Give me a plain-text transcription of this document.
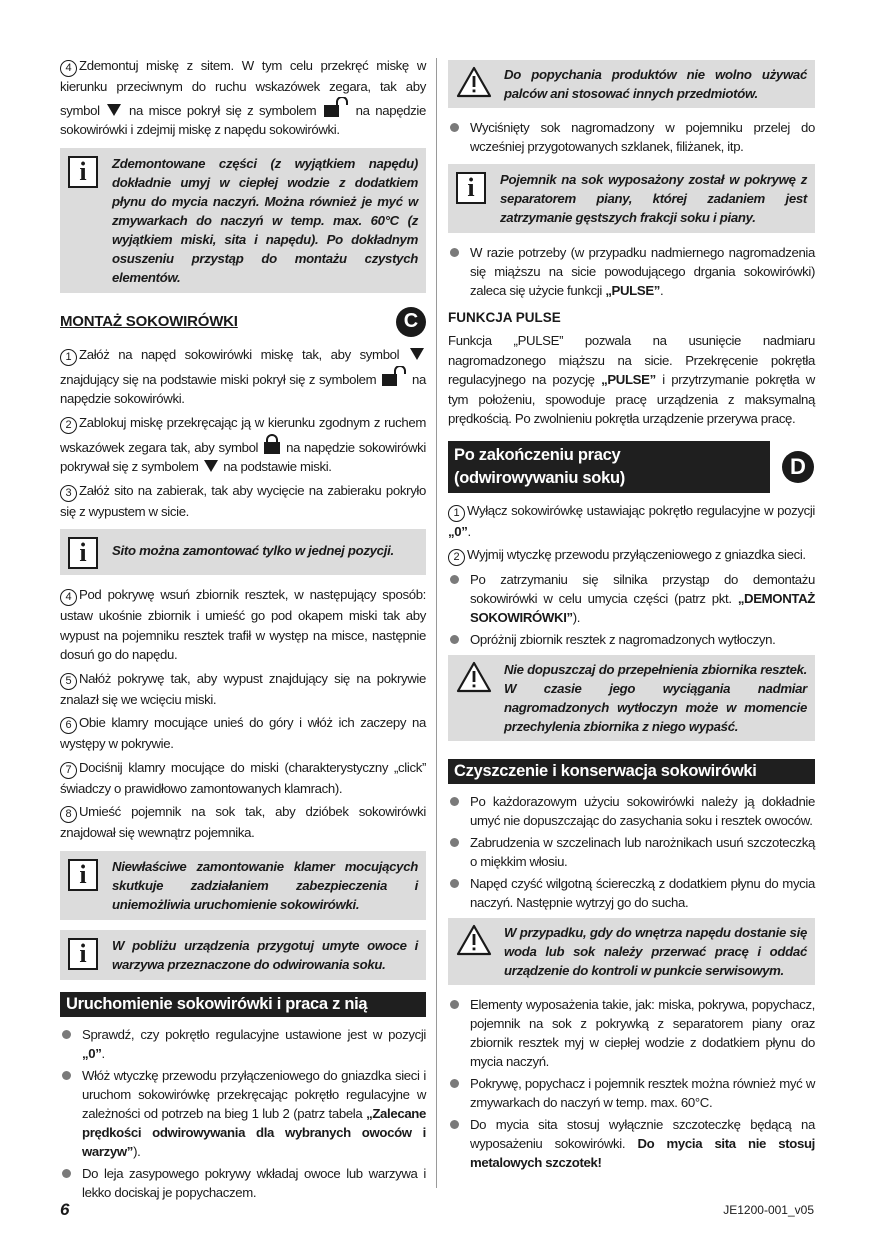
4 Zdemontuj miskę z sitem. W tym celu przekręć miskę w kierunku przeciwnym do ruchu wskazówek zegara, tak aby symbol na misce pokrył się z symbolem	na napędzie sokowirówki i zdejmij miskę z napędu sokowirówki.

i Zdemontowane części (z wyjątkiem napędu) dokładnie umyj w ciepłej wodzie z dodatkiem płynu do mycia naczyń. Można również je myć w zmywarkach do naczyń w temp. max. 60°C (z wyjątkiem miski, sita i napędu). Po dokładnym osuszeniu przystąp do montażu czystych elementów.
MONTAŻ SOKOWIRÓWKI	C

1 Załóż na napęd sokowirówki miskę tak, aby symbol  znajdujący się na podstawie miski pokrył się z symbolem	na napędzie sokowirówki.

2 Zablokuj miskę przekręcając ją w kierunku zgodnym z ruchem wskazówek zegara tak, aby symbol na napędzie sokowirówki pokrywał się z symbolem na podstawie miski.

3 Załóż sito na zabierak, tak aby wycięcie na zabieraku pokryło się z wypustem w sicie.

i Sito można zamontować tylko w jednej pozycji.

4 Pod pokrywę wsuń zbiornik resztek, w następujący sposób: ustaw ukośnie zbiornik i umieść go pod okapem miski tak aby wypust na pojemniku resztek trafił w występ na misce, następnie dosuń go do napędu.

5 Nałóż pokrywę tak, aby wypust znajdujący się na pokrywie znalazł się we wcięciu miski.

6 Obie klamry mocujące unieś do góry i włóż ich zaczepy na występy w pokrywie.

7 Dociśnij klamry mocujące do miski (charakterystyczny „click” świadczy o prawidłowo zamontowanych klamrach).

8 Umieść pojemnik na sok tak, aby dzióbek sokowirówki znajdował się wewnątrz pojemnika.

i Niewłaściwe zamontowanie klamer mocujących skutkuje zadziałaniem zabezpieczenia i uniemożliwia uruchomienie sokowirówki.
i W pobliżu urządzenia przygotuj umyte owoce i warzywa przeznaczone do odwirowania soku.
Uruchomienie sokowirówki i praca z nią
Sprawdź, czy pokrętło regulacyjne ustawione jest w pozycji „0”.
Włóż wtyczkę przewodu przyłączeniowego do gniazdka sieci i uruchom sokowirówkę przekręcając pokrętło regulacyjne w zależności od potrzeb na bieg 1 lub 2 (patrz tabela „Zalecane prędkości odwirowywania dla wybranych owoców i warzyw”).
Do leja zasypowego pokrywy wkładaj owoce lub warzywa i lekko dociskaj je popychaczem.
Do popychania produktów nie wolno używać palców ani stosować innych przedmiotów.
Wyciśnięty sok nagromadzony w pojemniku przelej do wcześniej przygotowanych szklanek, filiżanek, itp.
i Pojemnik na sok wyposażony został w pokrywę z separatorem piany, której zadaniem jest zatrzymanie gęstszych frakcji soku i piany.
W razie potrzeby (w przypadku nadmiernego nagromadzenia się miąższu na sicie powodującego drgania sokowirówki) zaleca się użycie funkcji „PULSE”.
FUNKCJA PULSE

Funkcja „PULSE” pozwala na usunięcie nadmiaru nagromadzonego miąższu na sicie. Przekręcenie pokrętła regulacyjnego na pozycję „PULSE” i przytrzymanie pokrętła w tym położeniu, spowoduje pracę urządzenia z maksymalną prędkością. Po zwolnieniu pokrętła urządzenie przerywa pracę.

Po zakończeniu pracy
(odwirowywaniu soku)	D

1 Wyłącz sokowirówkę ustawiając pokrętło regulacyjne w pozycji „0”.

2 Wyjmij wtyczkę przewodu przyłączeniowego z gniazdka sieci.

Po zatrzymaniu się silnika przystąp do demontażu sokowirówki w celu umycia części (patrz pkt. „DEMONTAŻ SOKOWIRÓWKI”).
Opróżnij zbiornik resztek z nagromadzonych wytłoczyn.
Nie dopuszczaj do przepełnienia zbiornika resztek. W czasie jego wyciągania nadmiar nagromadzonych wytłoczyn może w momencie przechylenia zbiornika z niego wypaść.
Czyszczenie i konserwacja sokowirówki
Po każdorazowym użyciu sokowirówki należy ją dokładnie umyć nie dopuszczając do zasychania soku i resztek owoców.
Zabrudzenia w szczelinach lub narożnikach usuń szczoteczką o miękkim włosiu.
Napęd czyść wilgotną ściereczką z dodatkiem płynu do mycia naczyń. Następnie wytrzyj go do sucha.
W przypadku, gdy do wnętrza napędu dostanie się woda lub sok należy przerwać pracę i oddać urządzenie do kontroli w punkcie serwisowym.
Elementy wyposażenia takie, jak: miska, pokrywa, popychacz, pojemnik na sok z pokrywką z separatorem piany oraz zbiornik resztek myj w ciepłej wodzie z dodatkiem płynu do mycia naczyń.
Pokrywę, popychacz i pojemnik resztek można również myć w zmywarkach do naczyń w temp. max. 60°C.
Do mycia sita stosuj wyłącznie szczoteczkę będącą na wyposażeniu sokowirówki. Do mycia sita nie stosuj metalowych szczotek!
6	JE1200-001_v05
